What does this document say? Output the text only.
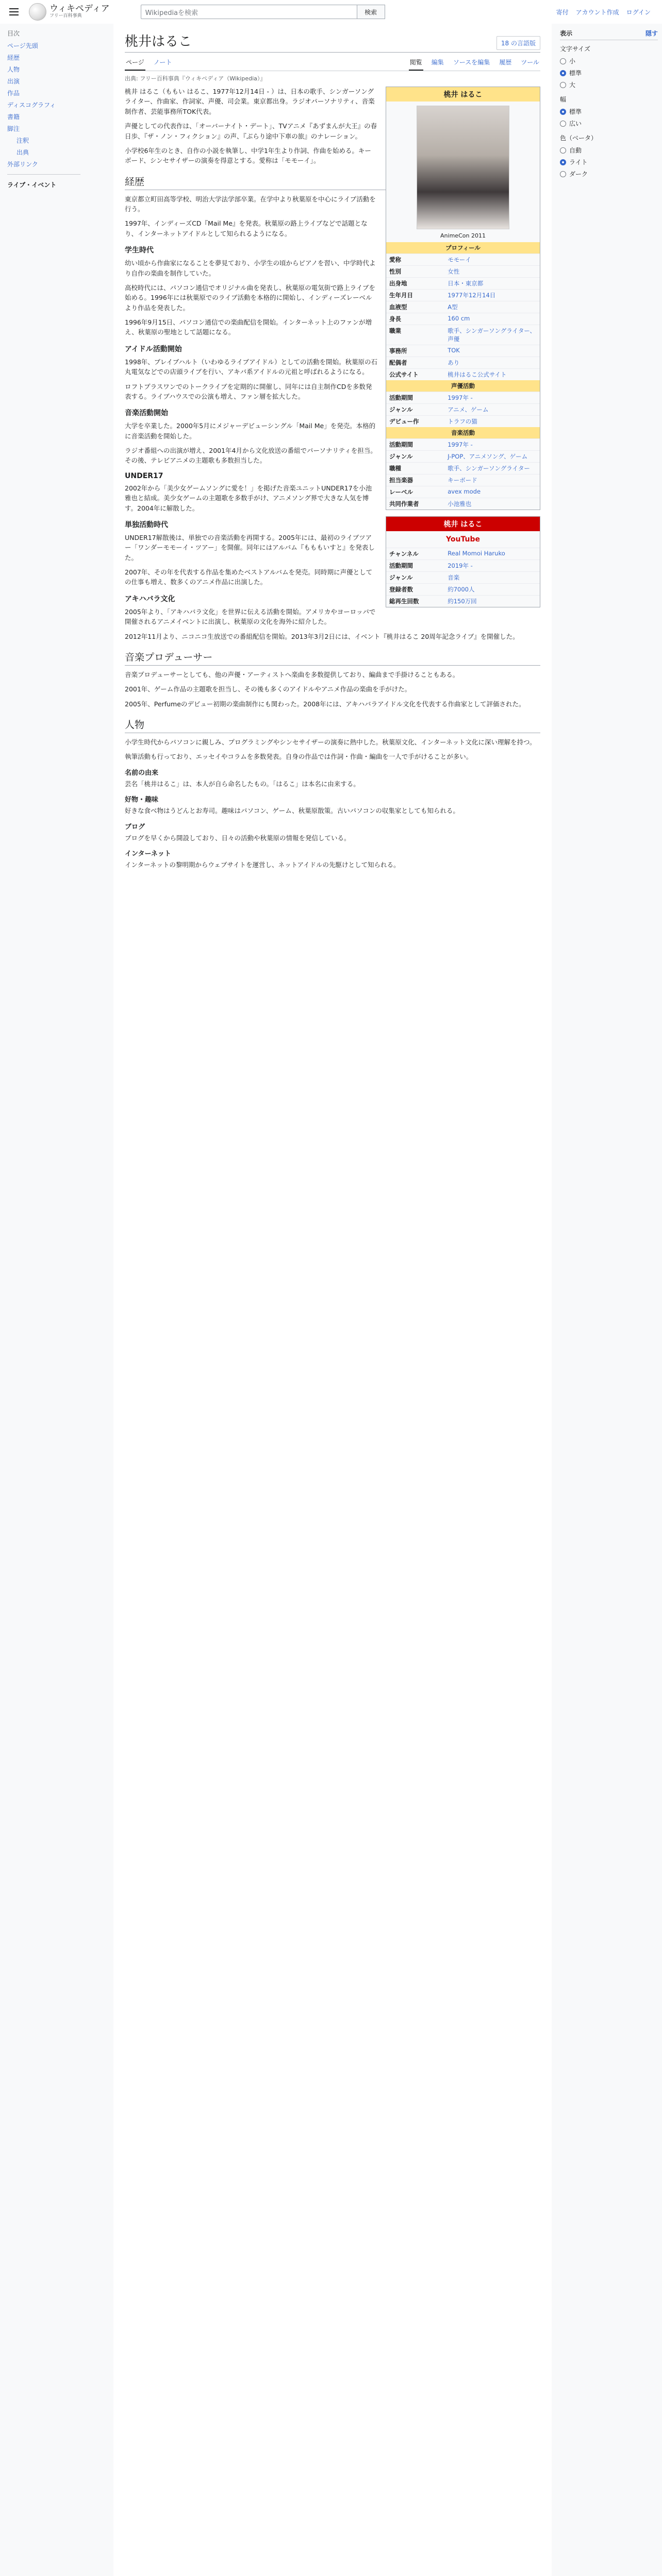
ウィキペディア
フリー百科事典	Wikipediaを検索	検索	寄付 アカウント作成 ログイン
目次
ページ先頭
経歴
人物
出演
作品
ディスコグラフィ
書籍
脚注
注釈
出典
外部リンク
ライブ・イベント
桃井はるこ	18 の言語版
ページ ノート	閲覧 編集 ソースを編集 履歴 ツール
出典: フリー百科事典『ウィキペディア（Wikipedia）』
桃井 はるこ
AnimeCon 2011
プロフィール
愛称	モモーイ
性別	女性
出身地	日本・東京都
生年月日	1977年12月14日
血液型	A型
身長	160 cm
職業	歌手、シンガーソングライター、声優
事務所	TOK
配偶者	あり
公式サイト	桃井はるこ公式サイト
声優活動
活動期間	1997年 -
ジャンル	アニメ、ゲーム
デビュー作	トラフの猫
音楽活動
活動期間	1997年 -
ジャンル	J-POP、アニメソング、ゲーム
職種	歌手、シンガーソングライター
担当楽器	キーボード
レーベル	avex mode
共同作業者	小池雅也
桃井 はるこ
YouTube
チャンネル	Real Momoi Haruko
活動期間	2019年 -
ジャンル	音楽
登録者数	約7000人
総再生回数	約150万回

桃井 はるこ（ももい はるこ、1977年12月14日 - ）は、日本の歌手、シンガーソングライター、作曲家、作詞家、声優、司会業。東京都出身。ラジオパーソナリティ、音楽制作者、芸能事務所TOK代表。

声優としての代表作は、「オーバーナイト・デート」、TVアニメ『あずまんが大王』の春日歩、『ザ・ノン・フィクション』の声、『ぶらり途中下車の旅』のナレーション。

小学校6年生のとき、自作の小説を執筆し、中学1年生より作詞、作曲を始める。キーボード、シンセサイザーの演奏を得意とする。愛称は「モモーイ」。

経歴

東京都立町田高等学校、明治大学法学部卒業。在学中より秋葉原を中心にライブ活動を行う。

1997年、インディーズCD『Mail Me』を発表。秋葉原の路上ライブなどで話題となり、インターネットアイドルとして知られるようになる。

学生時代

幼い頃から作曲家になることを夢見ており、小学生の頃からピアノを習い、中学時代より自作の楽曲を制作していた。

高校時代には、パソコン通信でオリジナル曲を発表し、秋葉原の電気街で路上ライブを始める。1996年には秋葉原でのライブ活動を本格的に開始し、インディーズレーベルより作品を発表した。

1996年9月15日、パソコン通信での楽曲配信を開始。インターネット上のファンが増え、秋葉原の聖地として話題になる。

アイドル活動開始

1998年、ブレイブハルト（いわゆるライブアイドル）としての活動を開始。秋葉原の石丸電気などでの店頭ライブを行い、アキバ系アイドルの元祖と呼ばれるようになる。

ロフトプラスワンでのトークライブを定期的に開催し、同年には自主制作CDを多数発表する。ライブハウスでの公演も増え、ファン層を拡大した。

音楽活動開始

大学を卒業した。2000年5月にメジャーデビューシングル「Mail Me」を発売。本格的に音楽活動を開始した。

ラジオ番組への出演が増え、2001年4月から文化放送の番組でパーソナリティを担当。その後、テレビアニメの主題歌も多数担当した。

UNDER17

2002年から「美少女ゲームソングに愛を！」を掲げた音楽ユニットUNDER17を小池雅也と結成。美少女ゲームの主題歌を多数手がけ、アニメソング界で大きな人気を博す。2004年に解散した。

単独活動時代

UNDER17解散後は、単独での音楽活動を再開する。2005年には、最初のライブツアー「ワンダーモモーイ・ツアー」を開催。同年にはアルバム『もももいすと』を発表した。

2007年、その年を代表する作品を集めたベストアルバムを発売。同時期に声優としての仕事も増え、数多くのアニメ作品に出演した。

アキハバラ文化

2005年より、「アキハバラ文化」を世界に伝える活動を開始。アメリカやヨーロッパで開催されるアニメイベントに出演し、秋葉原の文化を海外に紹介した。

2012年11月より、ニコニコ生放送での番組配信を開始。2013年3月2日には、イベント『桃井はるこ 20周年記念ライブ』を開催した。

音楽プロデューサー

音楽プロデューサーとしても、他の声優・アーティストへ楽曲を多数提供しており、編曲まで手掛けることもある。

2001年、ゲーム作品の主題歌を担当し、その後も多くのアイドルやアニメ作品の楽曲を手がけた。

2005年、Perfumeのデビュー初期の楽曲制作にも関わった。2008年には、アキハバラアイドル文化を代表する作曲家として評価された。

人物

小学生時代からパソコンに親しみ、プログラミングやシンセサイザーの演奏に熱中した。秋葉原文化、インターネット文化に深い理解を持つ。

執筆活動も行っており、エッセイやコラムを多数発表。自身の作品では作詞・作曲・編曲を一人で手がけることが多い。

名前の由来

芸名「桃井はるこ」は、本人が自ら命名したもの。「はるこ」は本名に由来する。

好物・趣味

好きな食べ物はうどんとお寿司。趣味はパソコン、ゲーム、秋葉原散策。古いパソコンの収集家としても知られる。

ブログ

ブログを早くから開設しており、日々の活動や秋葉原の情報を発信している。

インターネット

インターネットの黎明期からウェブサイトを運営し、ネットアイドルの先駆けとして知られる。

表示	隠す
文字サイズ
小
標準
大
幅
標準
広い
色（ベータ）
自動
ライト
ダーク
